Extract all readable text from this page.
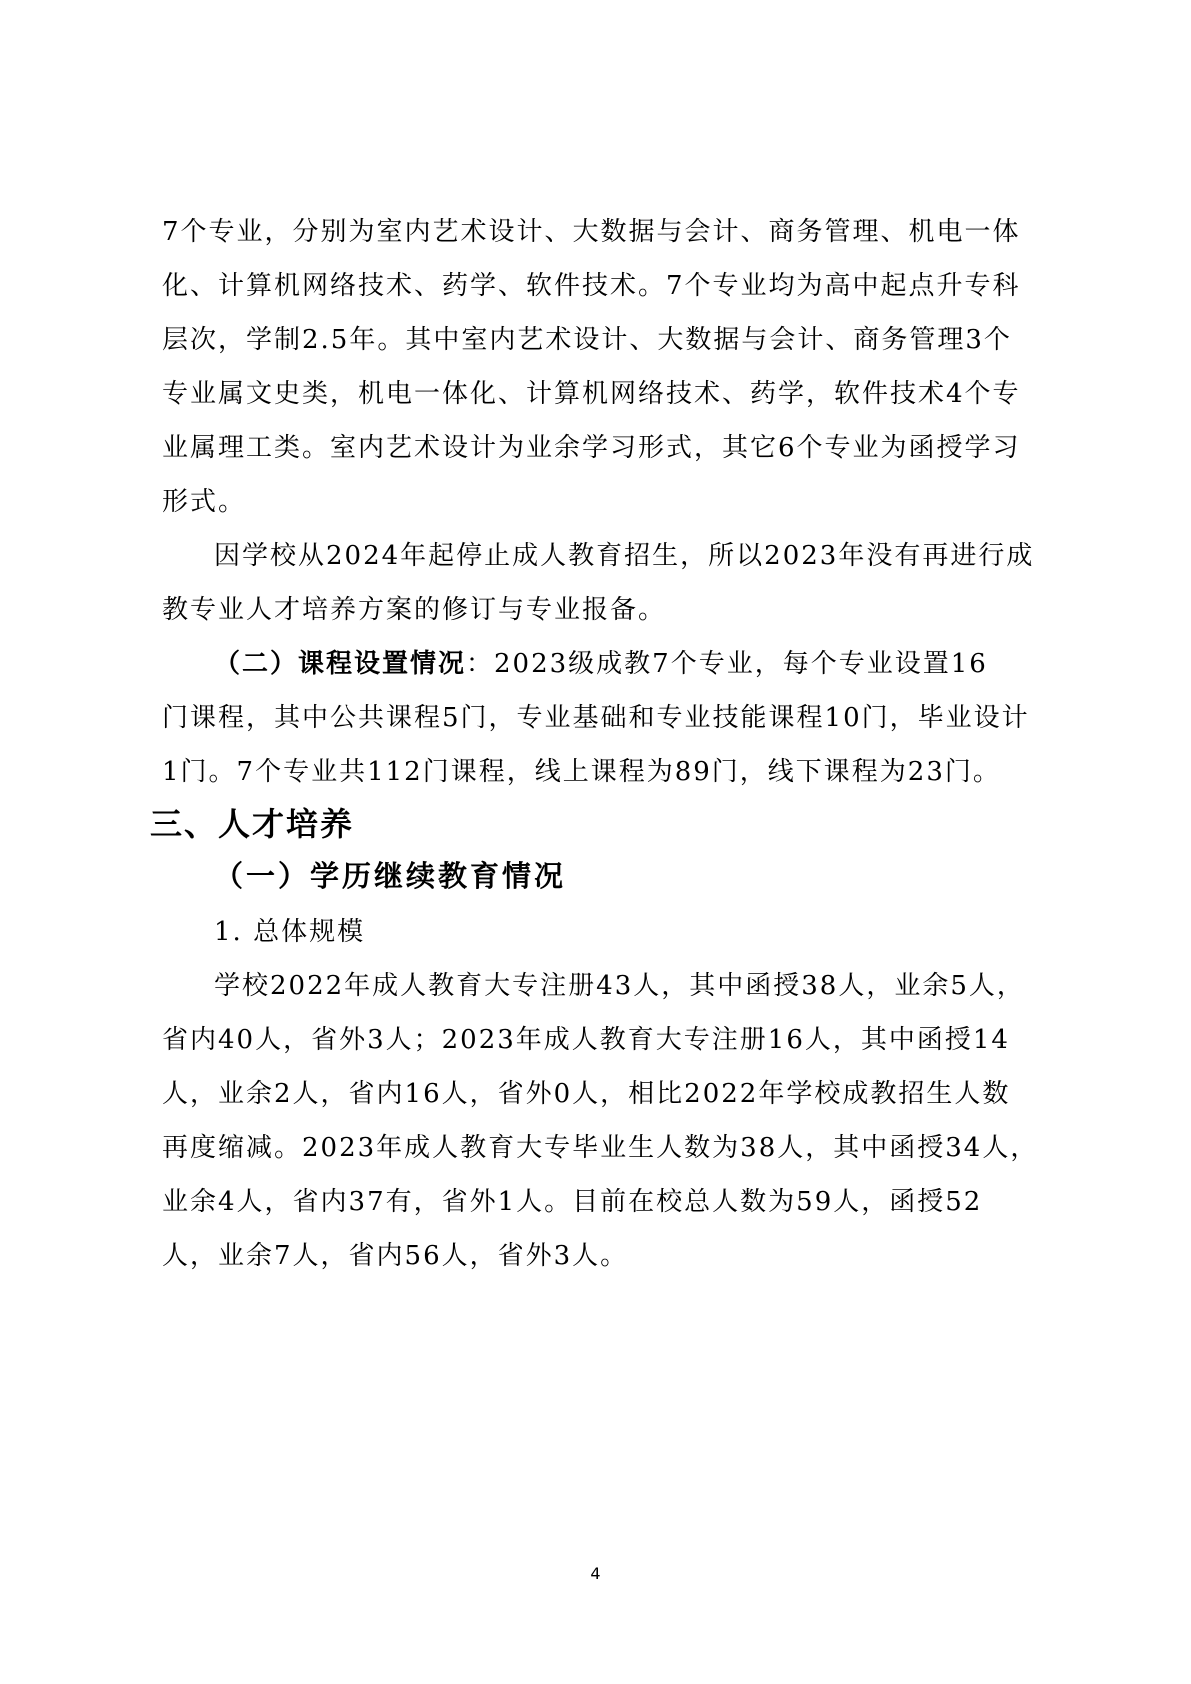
7个专业，分别为室内艺术设计、大数据与会计、商务管理、机电一体
化、计算机网络技术、药学、软件技术。7个专业均为高中起点升专科
层次，学制2.5年。其中室内艺术设计、大数据与会计、商务管理3个
专业属文史类，机电一体化、计算机网络技术、药学，软件技术4个专
业属理工类。室内艺术设计为业余学习形式，其它6个专业为函授学习
形式。
因学校从2024年起停止成人教育招生，所以2023年没有再进行成
教专业人才培养方案的修订与专业报备。
（二）课程设置情况：2023级成教7个专业，每个专业设置16
门课程，其中公共课程5门，专业基础和专业技能课程10门，毕业设计
1门。7个专业共112门课程，线上课程为89门，线下课程为23门。
三、人才培养
（一）学历继续教育情况
1. 总体规模
学校2022年成人教育大专注册43人，其中函授38人，业余5人，
省内40人，省外3人；2023年成人教育大专注册16人，其中函授14
人，业余2人，省内16人，省外0人，相比2022年学校成教招生人数
再度缩减。2023年成人教育大专毕业生人数为38人，其中函授34人，
业余4人，省内37有，省外1人。目前在校总人数为59人，函授52
人，业余7人，省内56人，省外3人。
4
